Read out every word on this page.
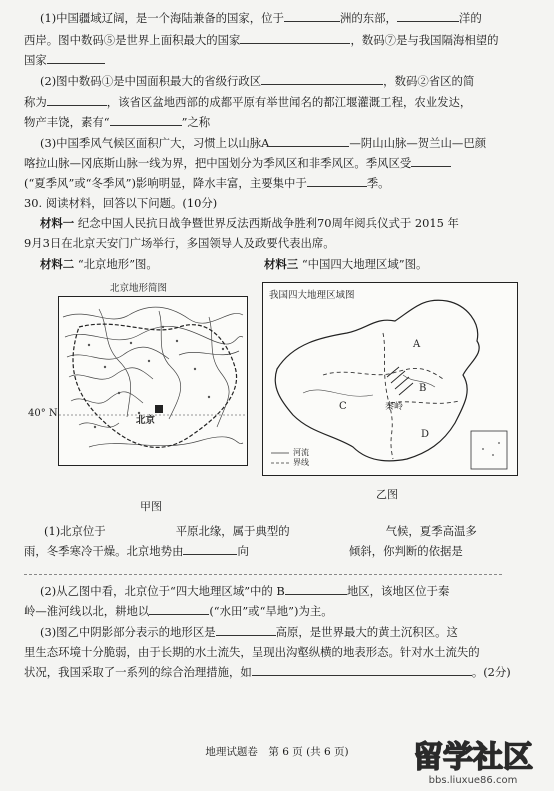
(1)中国疆域辽阔，是一个海陆兼备的国家，位于	洲的东部，	洋的
西岸。图中数码⑤是世界上面积最大的国家	，数码⑦是与我国隔海相望的
国家
(2)图中数码①是中国面积最大的省级行政区	，数码②省区的简
称为	，该省区盆地西部的成都平原有举世闻名的都江堰灌溉工程，农业发达，
物产丰饶，素有“	”之称
(3)中国季风气候区面积广大，习惯上以山脉A	—阴山山脉—贺兰山—巴颜
喀拉山脉—冈底斯山脉一线为界，把中国划分为季风区和非季风区。季风区受
(“夏季风”或“冬季风”)影响明显，降水丰富，主要集中于	季。
30. 阅读材料，回答以下问题。(10分)
材料一 纪念中国人民抗日战争暨世界反法西斯战争胜利70周年阅兵仪式于 2015 年
9月3日在北京天安门广场举行，多国领导人及政要代表出席。
材料二 “北京地形”图。	材料三 “中国四大地理区域”图。
北京地形简图
40° N
北京
甲图
我国四大地理区域图
A
B
C
D
秦岭
河流
界线
乙图
(1)北京位于	平原北缘，属于典型的	气候，夏季高温多
雨，冬季寒冷干燥。北京地势由	向	倾斜，你判断的依据是
(2)从乙图中看，北京位于“四大地理区域”中的 B	地区，该地区位于秦
岭—淮河线以北，耕地以	(“水田”或“旱地”)为主。
(3)图乙中阴影部分表示的地形区是	高原，是世界最大的黄土沉积区。这
里生态环境十分脆弱，由于长期的水土流失，呈现出沟壑纵横的地表形态。针对水土流失的
状况，我国采取了一系列的综合治理措施，如	。(2分)
地理试题卷　第 6 页 (共 6 页)	留学社区
bbs.liuxue86.com
